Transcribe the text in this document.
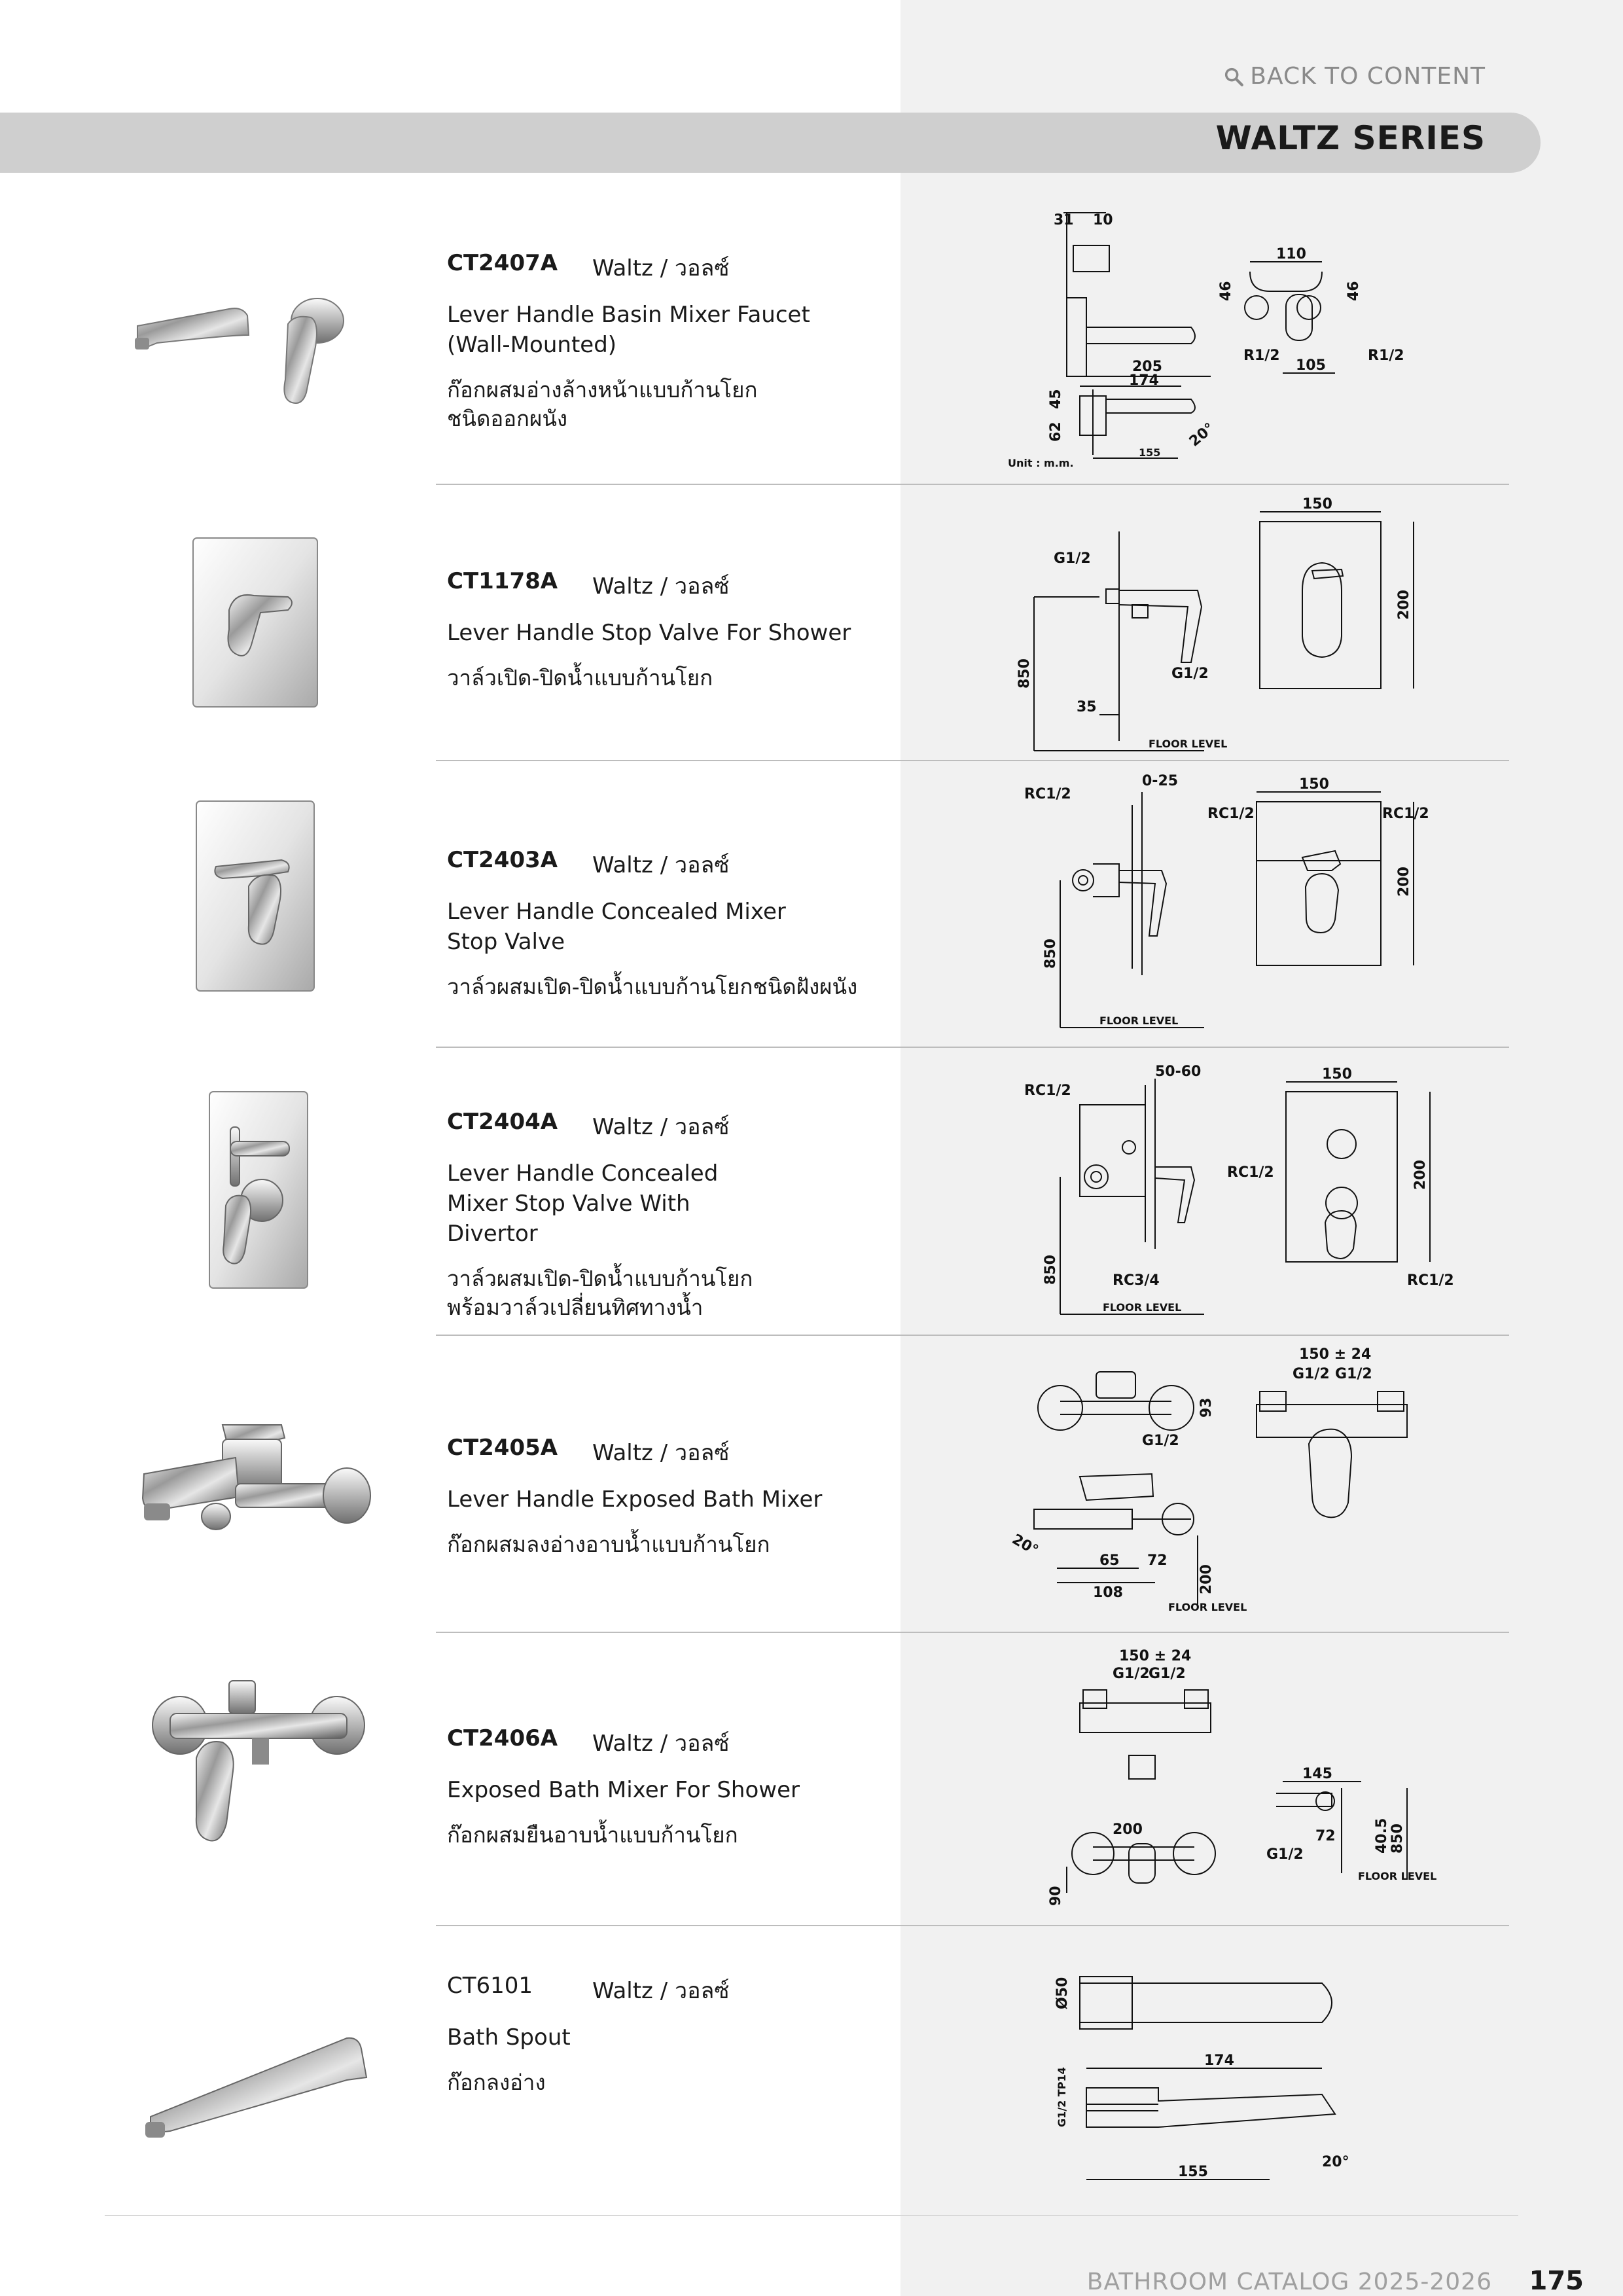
BACK TO CONTENT
WALTZ SERIES
CT2407A	Waltz / วอลซ์
Lever Handle Basin Mixer Faucet (Wall-Mounted)
ก๊อกผสมอ่างล้างหน้าแบบก้านโยก ชนิดออกผนัง
31 10
110
46	46
R1/2	R1/2
105
205
174
45
62	20°
155
Unit : m.m.
CT1178A	Waltz / วอลซ์
Lever Handle Stop Valve For Shower
วาล์วเปิด-ปิดน้ำแบบก้านโยก
G1/2
850
35
G1/2
FLOOR LEVEL
150
200
CT2403A	Waltz / วอลซ์
Lever Handle Concealed Mixer Stop Valve
วาล์วผสมเปิด-ปิดน้ำแบบก้านโยกชนิดฝังผนัง
RC1/2
0-25
850
FLOOR LEVEL
150
RC1/2	RC1/2
200
CT2404A	Waltz / วอลซ์
Lever Handle Concealed Mixer Stop Valve With Divertor
วาล์วผสมเปิด-ปิดน้ำแบบก้านโยก พร้อมวาล์วเปลี่ยนทิศทางน้ำ
RC1/2
50-60
850	RC3/4
FLOOR LEVEL
150
RC1/2	200
RC1/2
CT2405A	Waltz / วอลซ์
Lever Handle Exposed Bath Mixer
ก๊อกผสมลงอ่างอาบน้ำแบบก้านโยก
93
G1/2
20°
65 72
108	200
FLOOR LEVEL
150 ± 24
G1/2 G1/2
CT2406A	Waltz / วอลซ์
Exposed Bath Mixer For Shower
ก๊อกผสมยืนอาบน้ำแบบก้านโยก
150 ± 24
G1/2
G1/2
200
90
145
72	40.5 850
G1/2
FLOOR LEVEL
CT6101	Waltz / วอลซ์
Bath Spout
ก๊อกลงอ่าง
Ø50
174
G1/2 TP14
155
20°
BATHROOM CATALOG 2025-2026 175
